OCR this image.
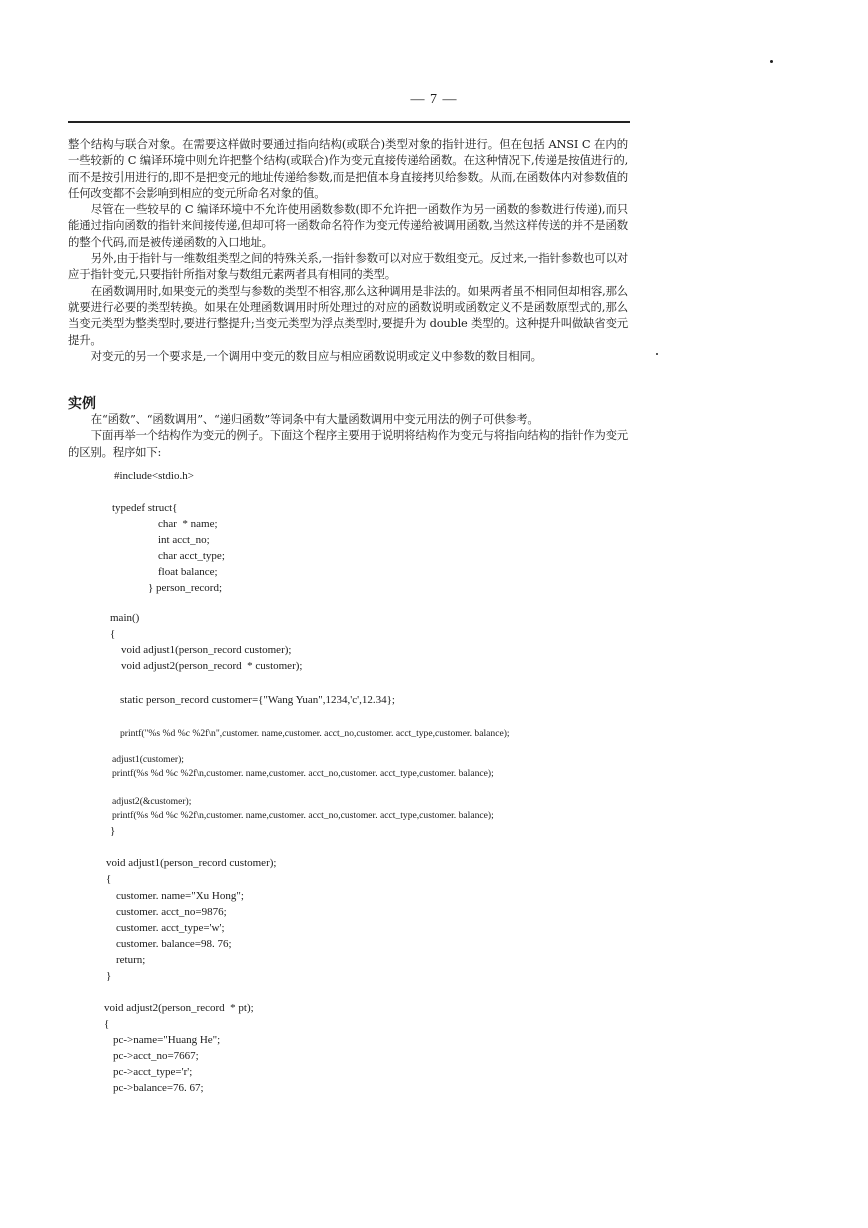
— 7 —

整个结构与联合对象。在需要这样做时要通过指向结构(或联合)类型对象的指针进行。但在包括 ANSI C 在内的一些较新的 C 编译环境中则允许把整个结构(或联合)作为变元直接传递给函数。在这种情况下,传递是按值进行的,而不是按引用进行的,即不是把变元的地址传递给参数,而是把值本身直接拷贝给参数。从而,在函数体内对参数值的任何改变都不会影响到相应的变元所命名对象的值。

尽管在一些较早的 C 编译环境中不允许使用函数参数(即不允许把一函数作为另一函数的参数进行传递),而只能通过指向函数的指针来间接传递,但却可将一函数命名符作为变元传递给被调用函数,当然这样传送的并不是函数的整个代码,而是被传递函数的入口地址。

另外,由于指针与一维数组类型之间的特殊关系,一指针参数可以对应于数组变元。反过来,一指针参数也可以对应于指针变元,只要指针所指对象与数组元素两者具有相同的类型。

在函数调用时,如果变元的类型与参数的类型不相容,那么这种调用是非法的。如果两者虽不相同但却相容,那么就要进行必要的类型转换。如果在处理函数调用时所处理过的对应的函数说明或函数定义不是函数原型式的,那么当变元类型为整类型时,要进行整提升;当变元类型为浮点类型时,要提升为 double 类型的。这种提升叫做缺省变元提升。

对变元的另一个要求是,一个调用中变元的数目应与相应函数说明或定义中参数的数目相同。

实例

在“函数”、“函数调用”、“递归函数”等词条中有大量函数调用中变元用法的例子可供参考。

下面再举一个结构作为变元的例子。下面这个程序主要用于说明将结构作为变元与将指向结构的指针作为变元的区别。程序如下:

#include<stdio.h>
typedef struct{
char  * name;
int acct_no;
char acct_type;
float balance;
} person_record;
main()
{
void adjust1(person_record customer);
void adjust2(person_record  * customer);
static person_record customer={"Wang Yuan",1234,'c',12.34};
printf("%s %d %c %2f\n",customer. name,customer. acct_no,customer. acct_type,customer. balance);
adjust1(customer);
printf(%s %d %c %2f\n,customer. name,customer. acct_no,customer. acct_type,customer. balance);
adjust2(&customer);
printf(%s %d %c %2f\n,customer. name,customer. acct_no,customer. acct_type,customer. balance);
}
void adjust1(person_record customer);
{
customer. name="Xu Hong";
customer. acct_no=9876;
customer. acct_type='w';
customer. balance=98. 76;
return;
}
void adjust2(person_record  * pt);
{
pc->name="Huang He";
pc->acct_no=7667;
pc->acct_type='r';
pc->balance=76. 67;
